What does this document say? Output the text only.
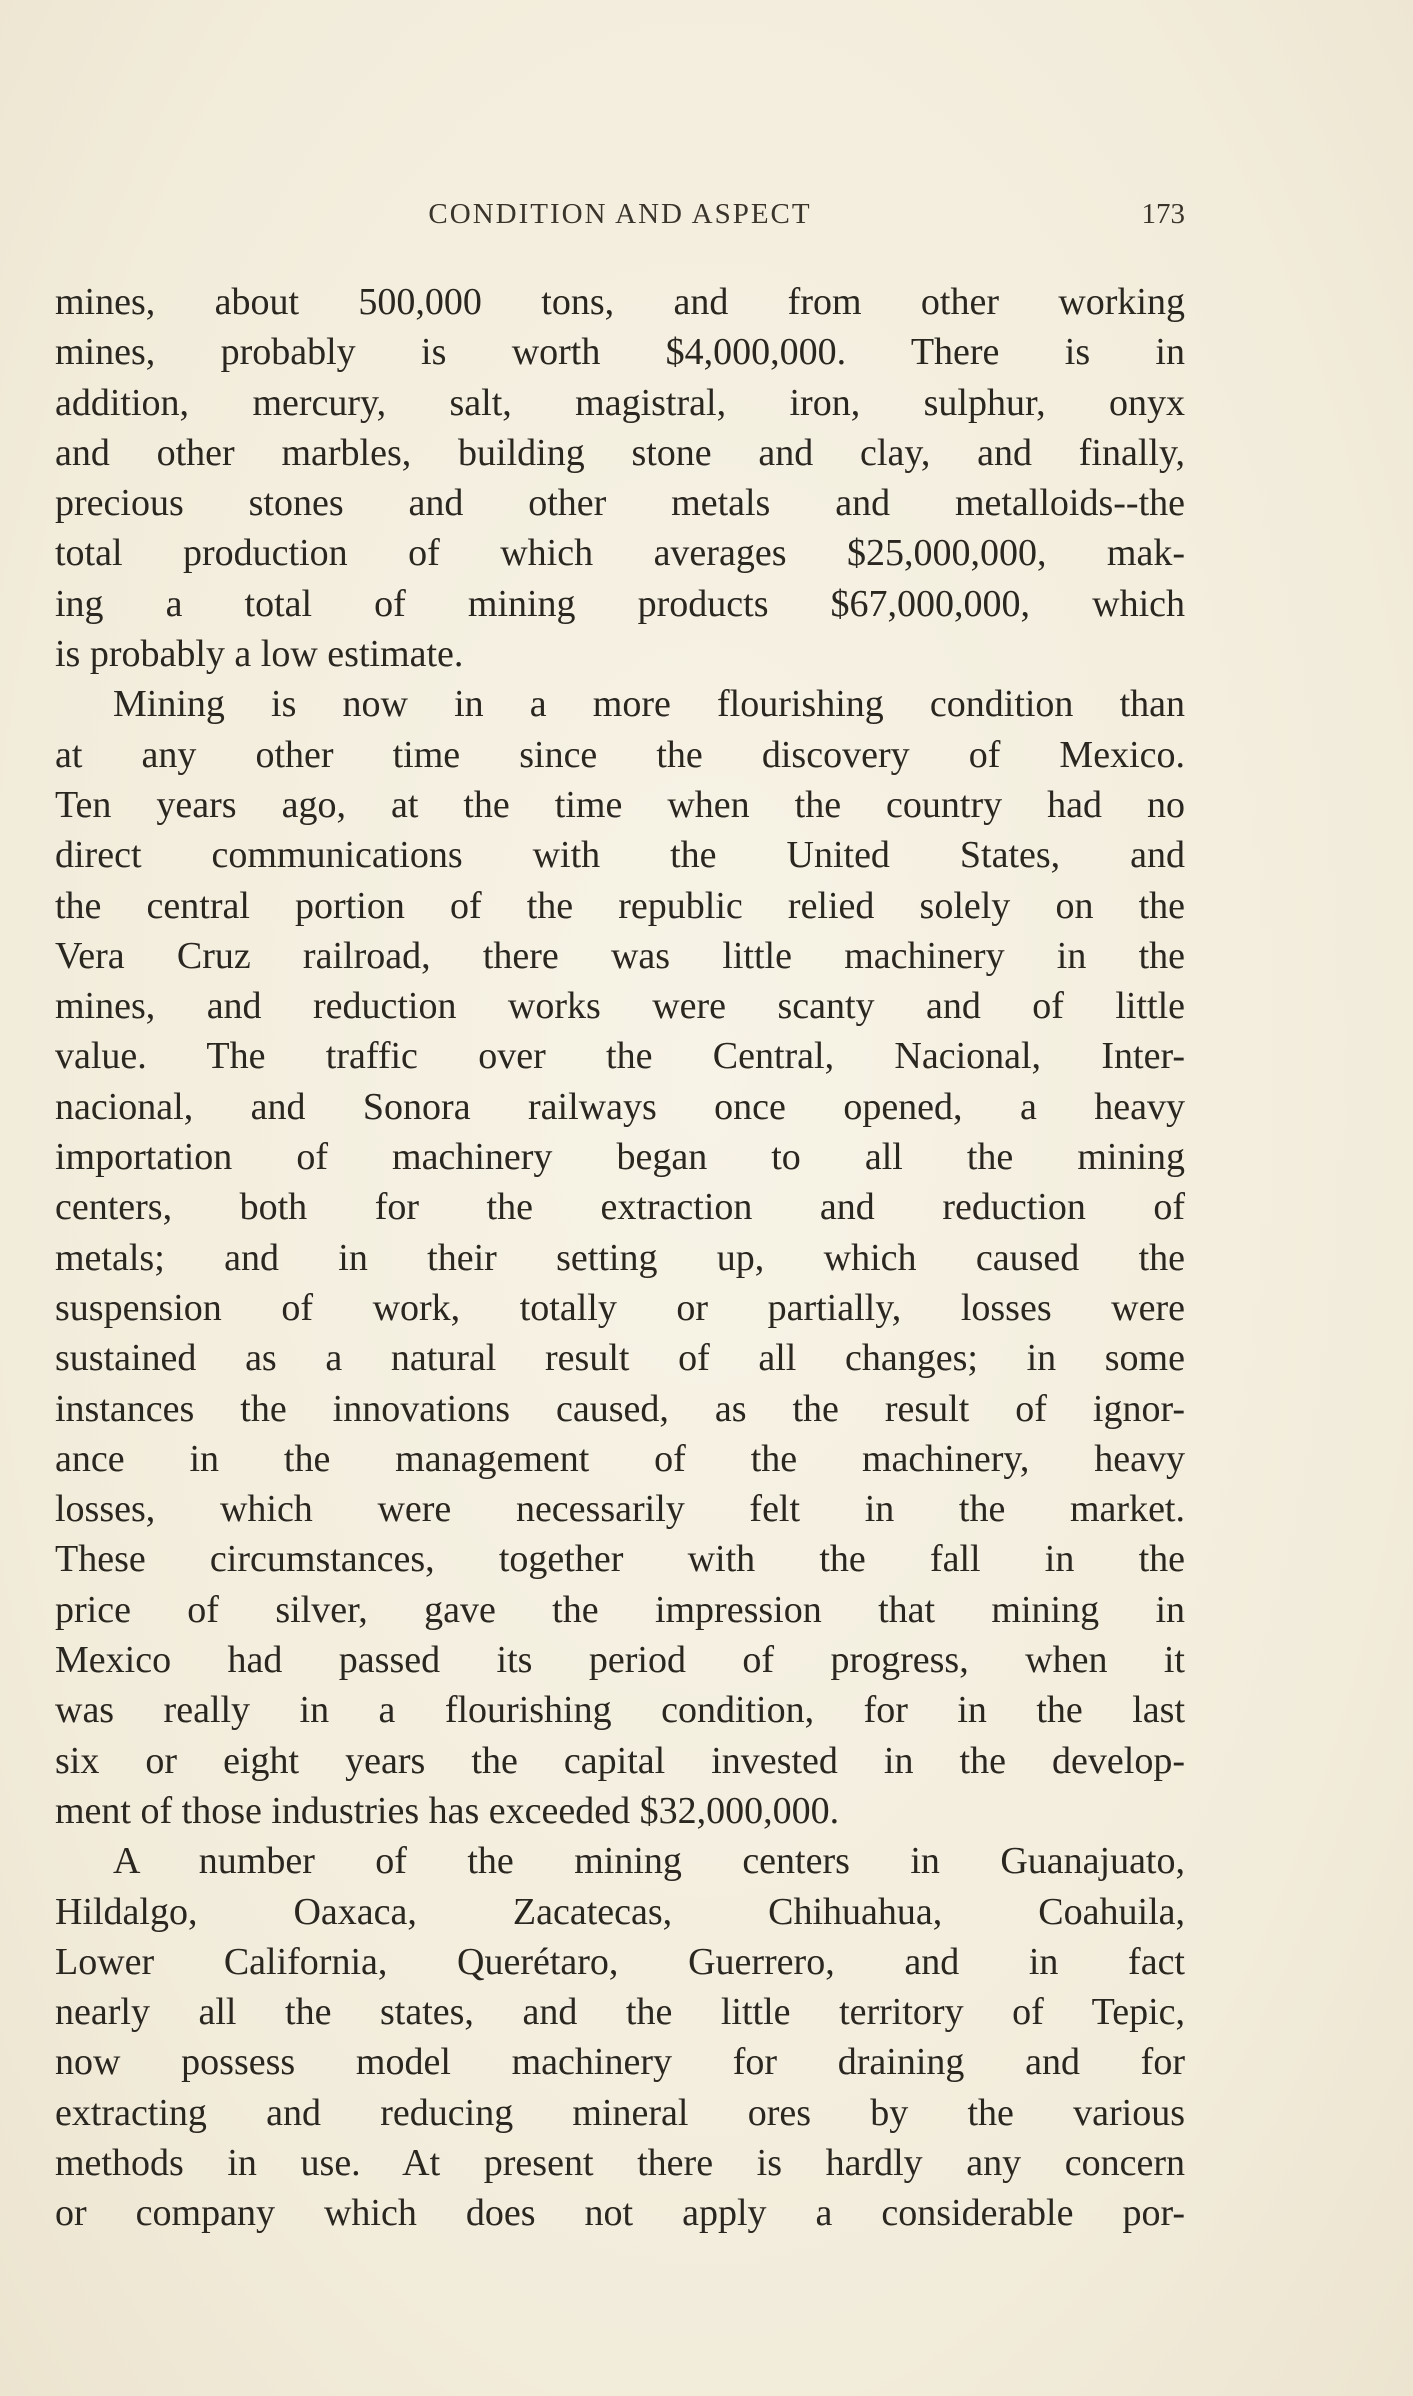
CONDITION AND ASPECT	173
mines, about 500,000 tons, and from other working
mines, probably is worth $4,000,000. There is in
addition, mercury, salt, magistral, iron, sulphur, onyx
and other marbles, building stone and clay, and finally,
precious stones and other metals and metalloids--the
total production of which averages $25,000,000, mak-
ing a total of mining products $67,000,000, which
is probably a low estimate.
Mining is now in a more flourishing condition than
at any other time since the discovery of Mexico.
Ten years ago, at the time when the country had no
direct communications with the United States, and
the central portion of the republic relied solely on the
Vera Cruz railroad, there was little machinery in the
mines, and reduction works were scanty and of little
value. The traffic over the Central, Nacional, Inter-
nacional, and Sonora railways once opened, a heavy
importation of machinery began to all the mining
centers, both for the extraction and reduction of
metals; and in their setting up, which caused the
suspension of work, totally or partially, losses were
sustained as a natural result of all changes; in some
instances the innovations caused, as the result of ignor-
ance in the management of the machinery, heavy
losses, which were necessarily felt in the market.
These circumstances, together with the fall in the
price of silver, gave the impression that mining in
Mexico had passed its period of progress, when it
was really in a flourishing condition, for in the last
six or eight years the capital invested in the develop-
ment of those industries has exceeded $32,000,000.
A number of the mining centers in Guanajuato,
Hildalgo, Oaxaca, Zacatecas, Chihuahua, Coahuila,
Lower California, Querétaro, Guerrero, and in fact
nearly all the states, and the little territory of Tepic,
now possess model machinery for draining and for
extracting and reducing mineral ores by the various
methods in use. At present there is hardly any concern
or company which does not apply a considerable por-
